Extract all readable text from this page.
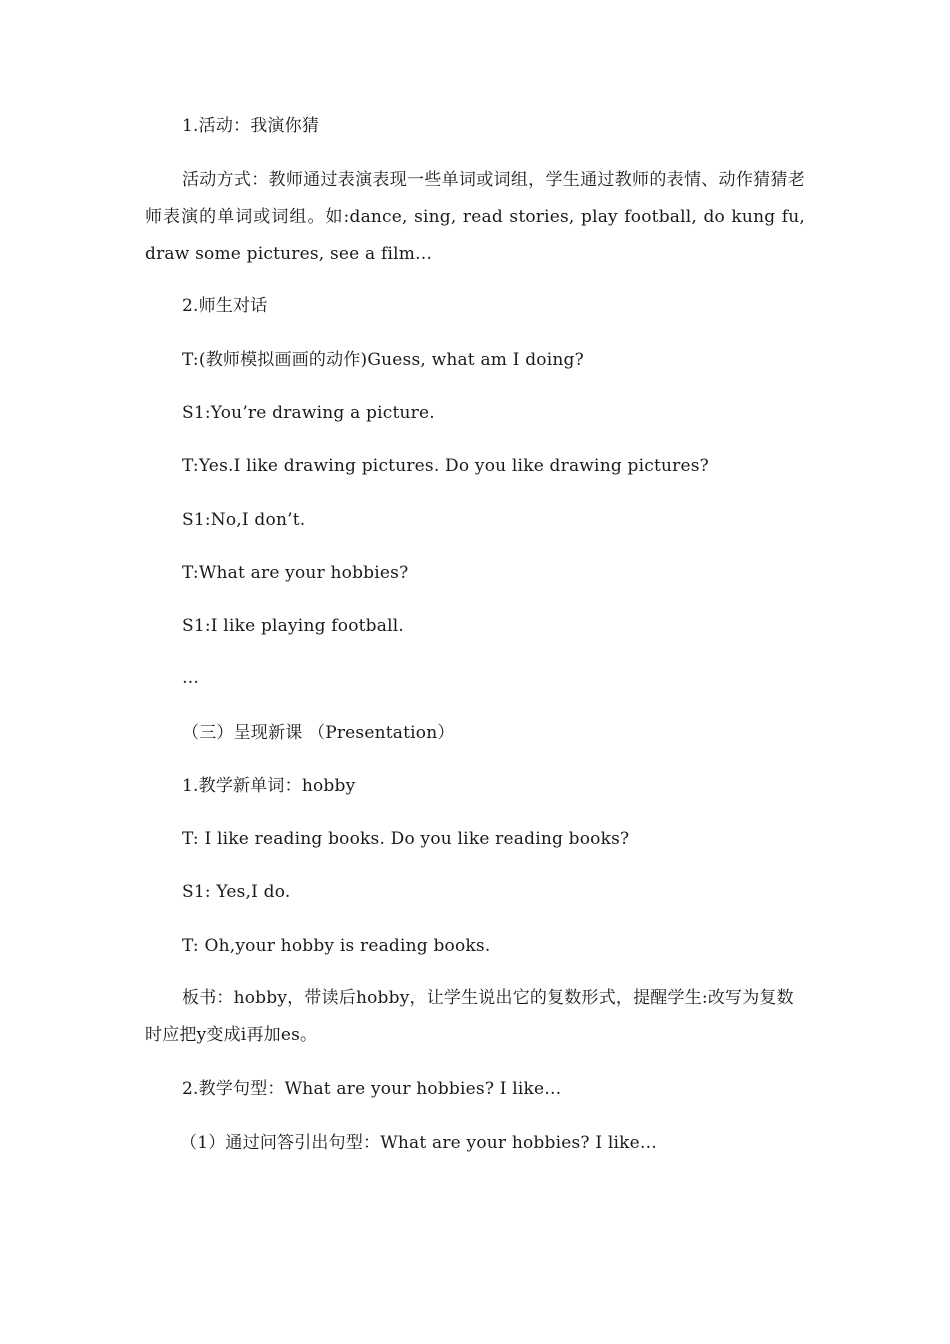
1.活动：我演你猜
活动方式：教师通过表演表现一些单词或词组，学生通过教师的表情、动作猜猜老师表演的单词或词组。如:dance, sing, read stories, play football, do kung fu, draw some pictures, see a film…
2.师生对话
T:(教师模拟画画的动作)Guess, what am I doing?
S1:You’re drawing a picture.
T:Yes.I like drawing pictures. Do you like drawing pictures?
S1:No,I don’t.
T:What are your hobbies?
S1:I like playing football.
…
（三）呈现新课 （Presentation）
1.教学新单词：hobby
T: I like reading books. Do you like reading books?
S1: Yes,I do.
T: Oh,your hobby is reading books.
板书：hobby，带读后hobby，让学生说出它的复数形式，提醒学生:改写为复数时应把y变成i再加es。
2.教学句型：What are your hobbies? I like…
（1）通过问答引出句型：What are your hobbies? I like…
